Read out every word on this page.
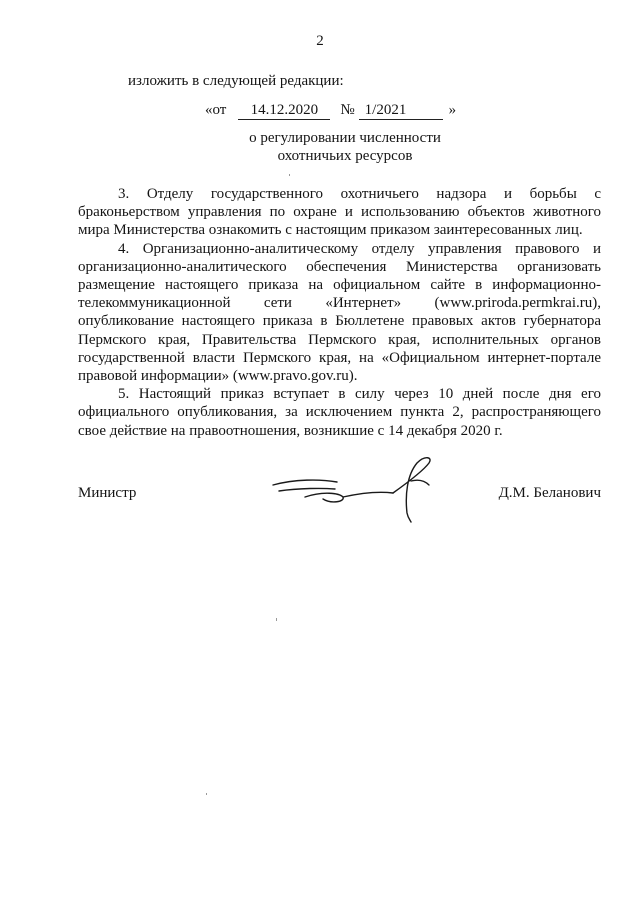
2
изложить в следующей редакции:
«от 14.12.2020 № 1/2021	»
о регулировании численности
охотничьих ресурсов

3. Отделу государственного охотничьего надзора и борьбы с браконьерством управления по охране и использованию объектов животного мира Министерства ознакомить с настоящим приказом заинтересованных лиц.

4. Организационно-аналитическому отделу управления правового и организационно-аналитического обеспечения Министерства организовать размещение настоящего приказа на официальном сайте в информационно-телекоммуникационной сети «Интернет» (www.priroda.permkrai.ru), опубликование настоящего приказа в Бюллетене правовых актов губернатора Пермского края, Правительства Пермского края, исполнительных органов государственной власти Пермского края, на «Официальном интернет-портале правовой информации» (www.pravo.gov.ru).

5. Настоящий приказ вступает в силу через 10 дней после дня его официального опубликования, за исключением пункта 2, распространяющего свое действие на правоотношения, возникшие с 14 декабря 2020 г.

Министр	Д.М. Беланович
